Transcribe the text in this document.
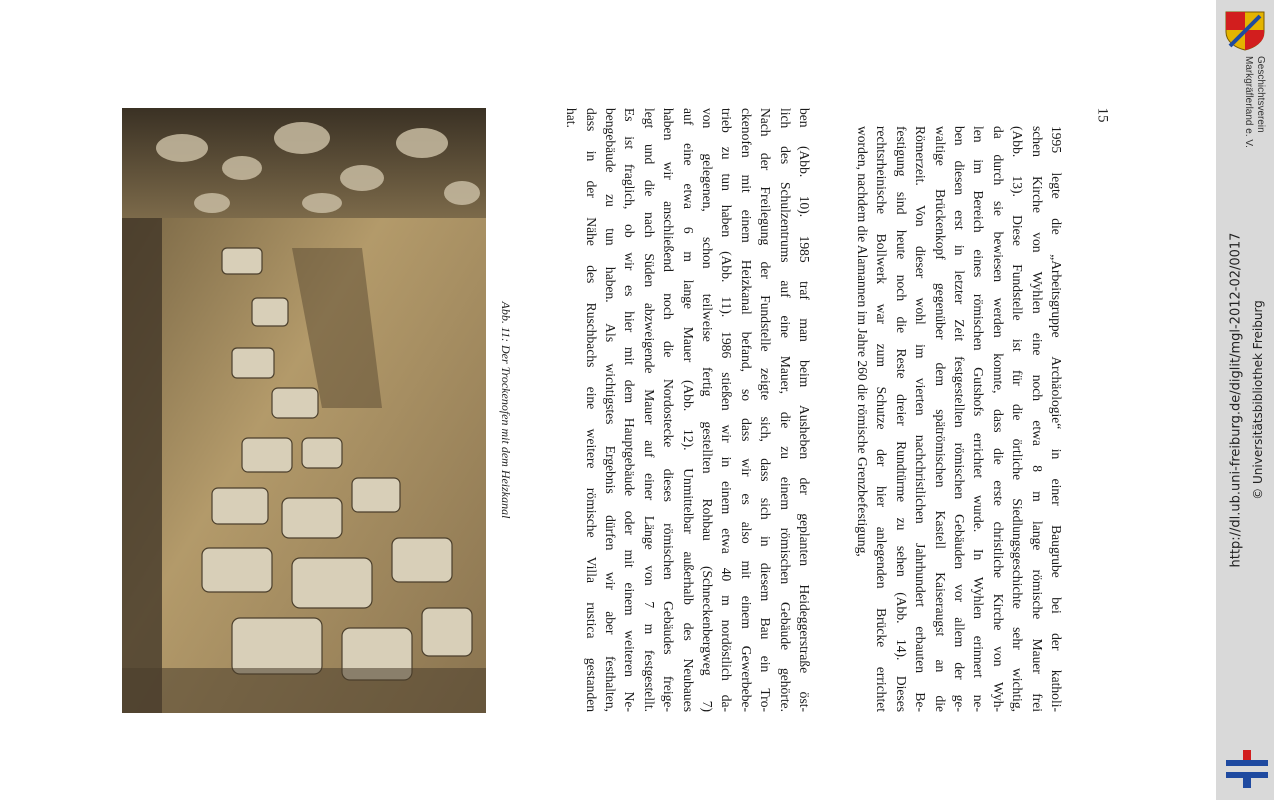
Abb. 11: Der Trockenofen mit dem Heizkanal	ben (Abb. 10). 1985 traf man beim Ausheben der geplanten Heideggerstraße öst-
lich des Schulzentrums auf eine Mauer, die zu einem römischen Gebäude gehörte.
Nach der Freilegung der Fundstelle zeigte sich, dass sich in diesem Bau ein Tro-
ckenofen mit einem Heizkanal befand, so dass wir es also mit einem Gewerbebe-
trieb zu tun haben (Abb. 11). 1986 stießen wir in einem etwa 40 m nordöstlich da-
von gelegenen, schon teilweise fertig gestellten Rohbau (Schneckenbergweg 7)
auf eine etwa 6 m lange Mauer (Abb. 12). Unmittelbar außerhalb des Neubaues
haben wir anschließend noch die Nordostecke dieses römischen Gebäudes freige-
legt und die nach Süden abzweigende Mauer auf einer Länge von 7 m festgestellt.
Es ist fraglich, ob wir es hier mit dem Hauptgebäude oder mit einem weiteren Ne-
bengebäude zu tun haben. Als wichtigstes Ergebnis dürfen wir aber festhalten,
dass in der Nähe des Ruschbachs eine weitere römische Villa rustica gestanden
hat.

1995 legte die „Arbeitsgruppe Archäologie“ in einer Baugrube bei der katholi-
schen Kirche von Wyhlen eine noch etwa 8 m lange römische Mauer frei
(Abb. 13). Diese Fundstelle ist für die örtliche Siedlungsgeschichte sehr wichtig,
da durch sie bewiesen werden konnte, dass die erste christliche Kirche von Wyh-
len im Bereich eines römischen Gutshofs errichtet wurde. In Wyhlen erinnert ne-
ben diesen erst in letzter Zeit festgestellten römischen Gebäuden vor allem der ge-
waltige Brückenkopf gegenüber dem spätrömischen Kastell Kaiseraugst an die
Römerzeit. Von dieser wohl im vierten nachchristlichen Jahrhundert erbauten Be-
festigung sind heute noch die Reste dreier Rundtürme zu sehen (Abb. 14). Dieses
rechtsrheinische Bollwerk war zum Schutze der hier anlegenden Brücke errichtet
worden, nachdem die Alamannen im Jahre 260 die römische Grenzbefestigung,

15	Geschichtsverein
Markgräflerland e. V.
http://dl.ub.uni-freiburg.de/diglit/mgl-2012-02/0017 © Universitätsbibliothek Freiburg
